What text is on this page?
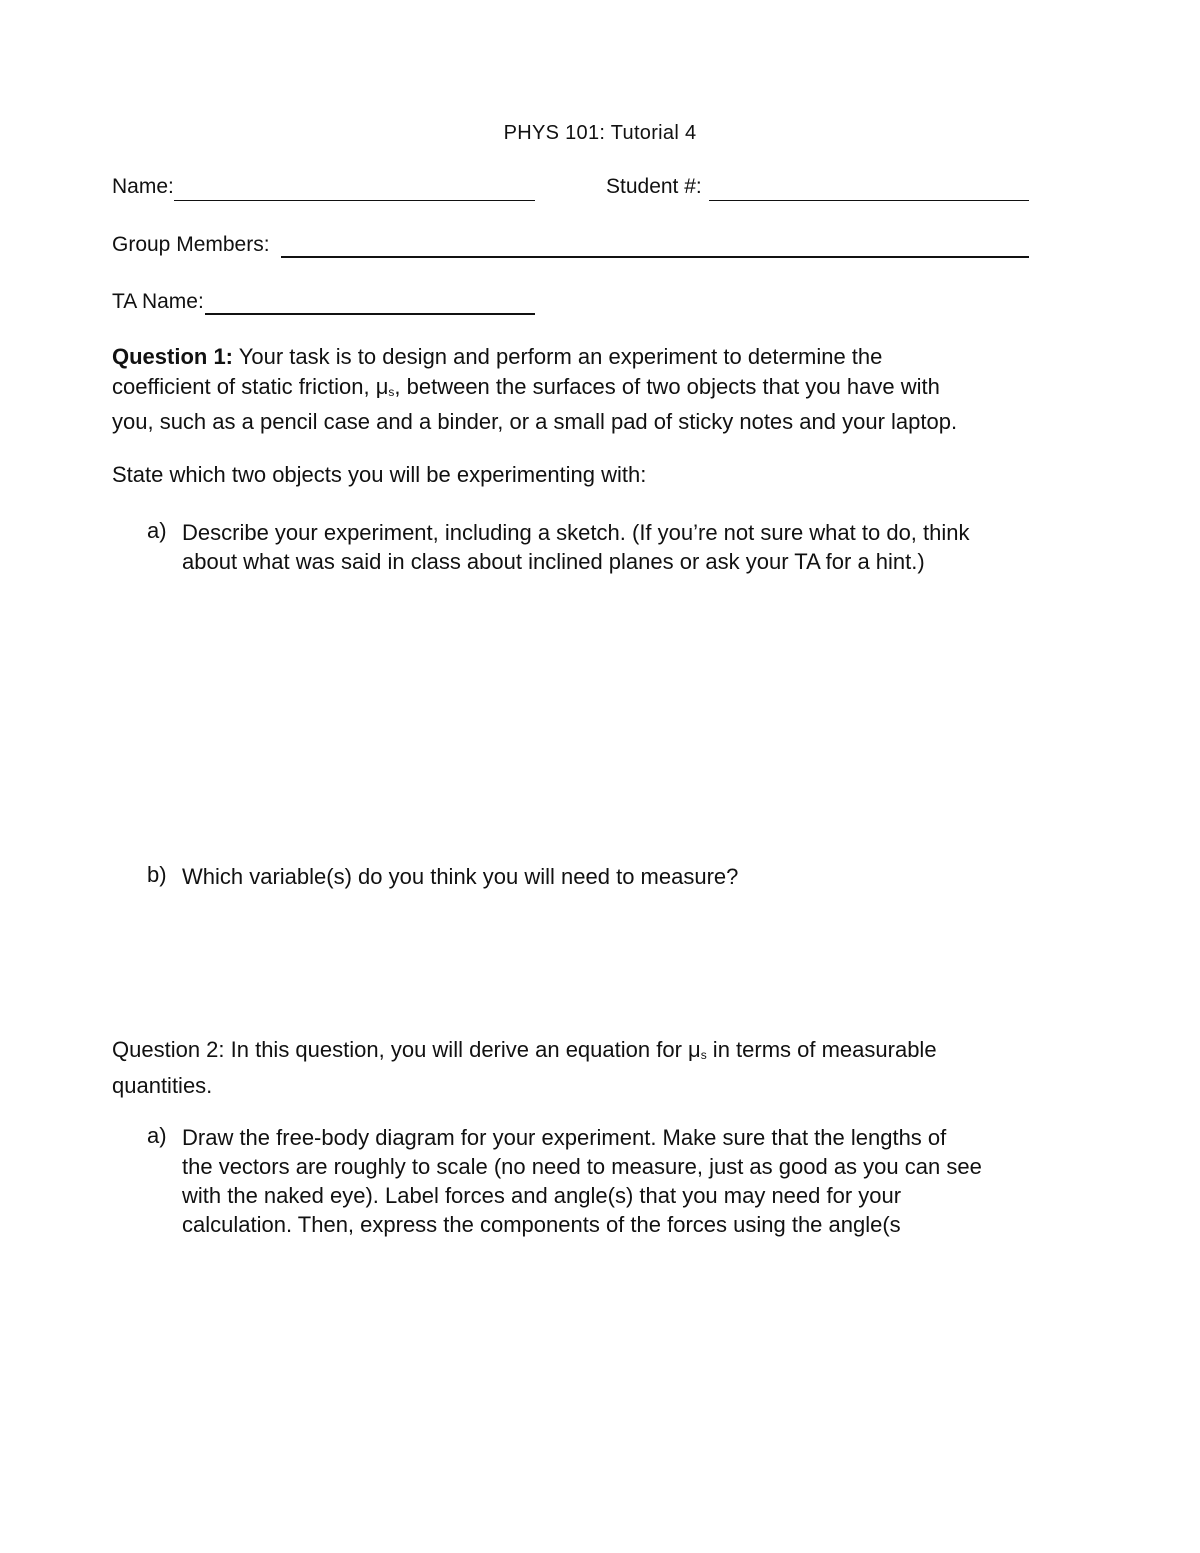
PHYS 101: Tutorial 4
Name:	Student #:
Group Members:
TA Name:
Question 1: Your task is to design and perform an experiment to determine the
coefficient of static friction, $\mu_s$, between the surfaces of two objects that you have with
you, such as a pencil case and a binder, or a small pad of sticky notes and your laptop.
State which two objects you will be experimenting with:
a) Describe your experiment, including a sketch. (If you’re not sure what to do, think
about what was said in class about inclined planes or ask your TA for a hint.)
b) Which variable(s) do you think you will need to measure?
Question 2: In this question, you will derive an equation for $\mu_s$ in terms of measurable
quantities.
a) Draw the free-body diagram for your experiment. Make sure that the lengths of
the vectors are roughly to scale (no need to measure, just as good as you can see
with the naked eye). Label forces and angle(s) that you may need for your
calculation. Then, express the components of the forces using the angle(s
